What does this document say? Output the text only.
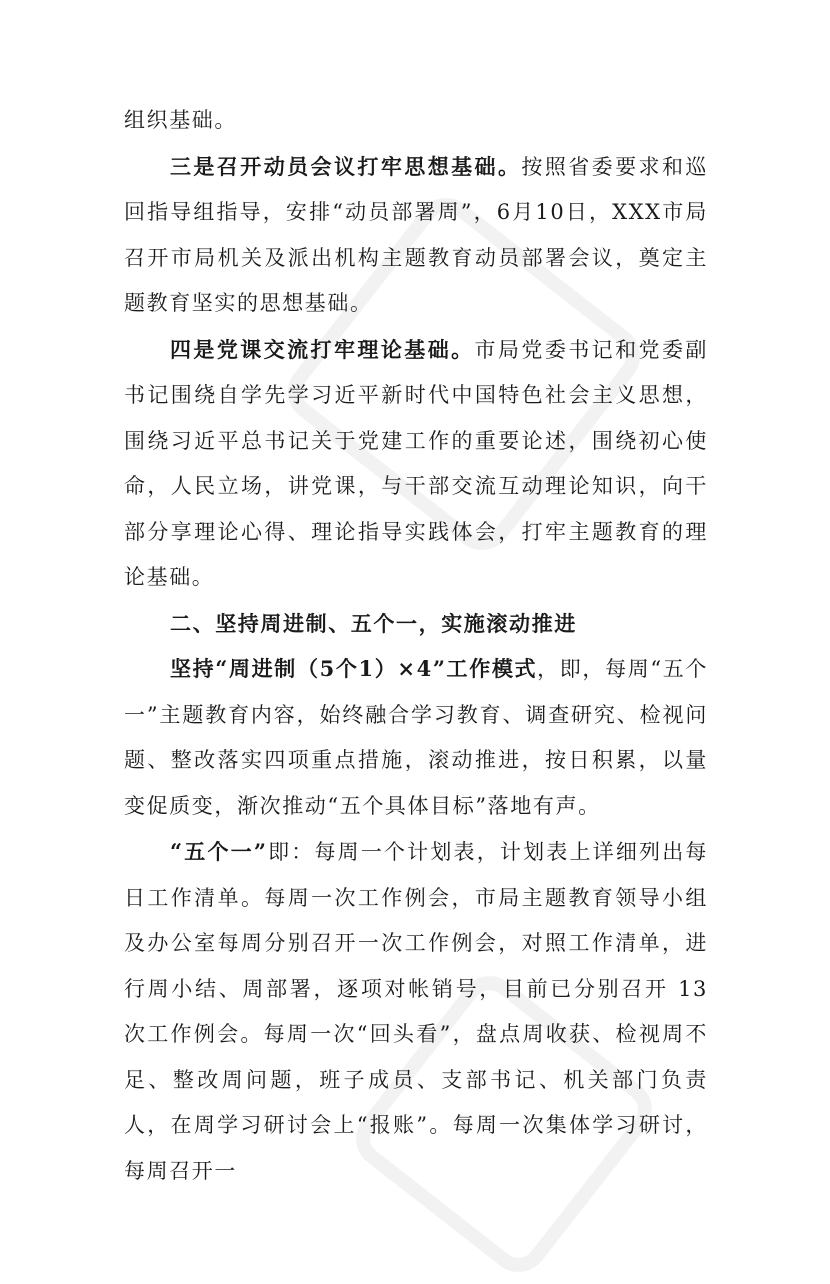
组织基础。

三是召开动员会议打牢思想基础。按照省委要求和巡回指导组指导，安排“动员部署周”，6月10日，XXX市局召开市局机关及派出机构主题教育动员部署会议，奠定主题教育坚实的思想基础。

四是党课交流打牢理论基础。市局党委书记和党委副书记围绕自学先学习近平新时代中国特色社会主义思想，围绕习近平总书记关于党建工作的重要论述，围绕初心使命，人民立场，讲党课，与干部交流互动理论知识，向干部分享理论心得、理论指导实践体会，打牢主题教育的理论基础。

二、坚持周进制、五个一，实施滚动推进

坚持“周进制（5个1）×4”工作模式，即，每周“五个一”主题教育内容，始终融合学习教育、调查研究、检视问题、整改落实四项重点措施，滚动推进，按日积累，以量变促质变，渐次推动“五个具体目标”落地有声。

“五个一”即：每周一个计划表，计划表上详细列出每日工作清单。每周一次工作例会，市局主题教育领导小组及办公室每周分别召开一次工作例会，对照工作清单，进行周小结、周部署，逐项对帐销号，目前已分别召开 13 次工作例会。每周一次“回头看”，盘点周收获、检视周不足、整改周问题，班子成员、支部书记、机关部门负责人，在周学习研讨会上“报账”。每周一次集体学习研讨，每周召开一
